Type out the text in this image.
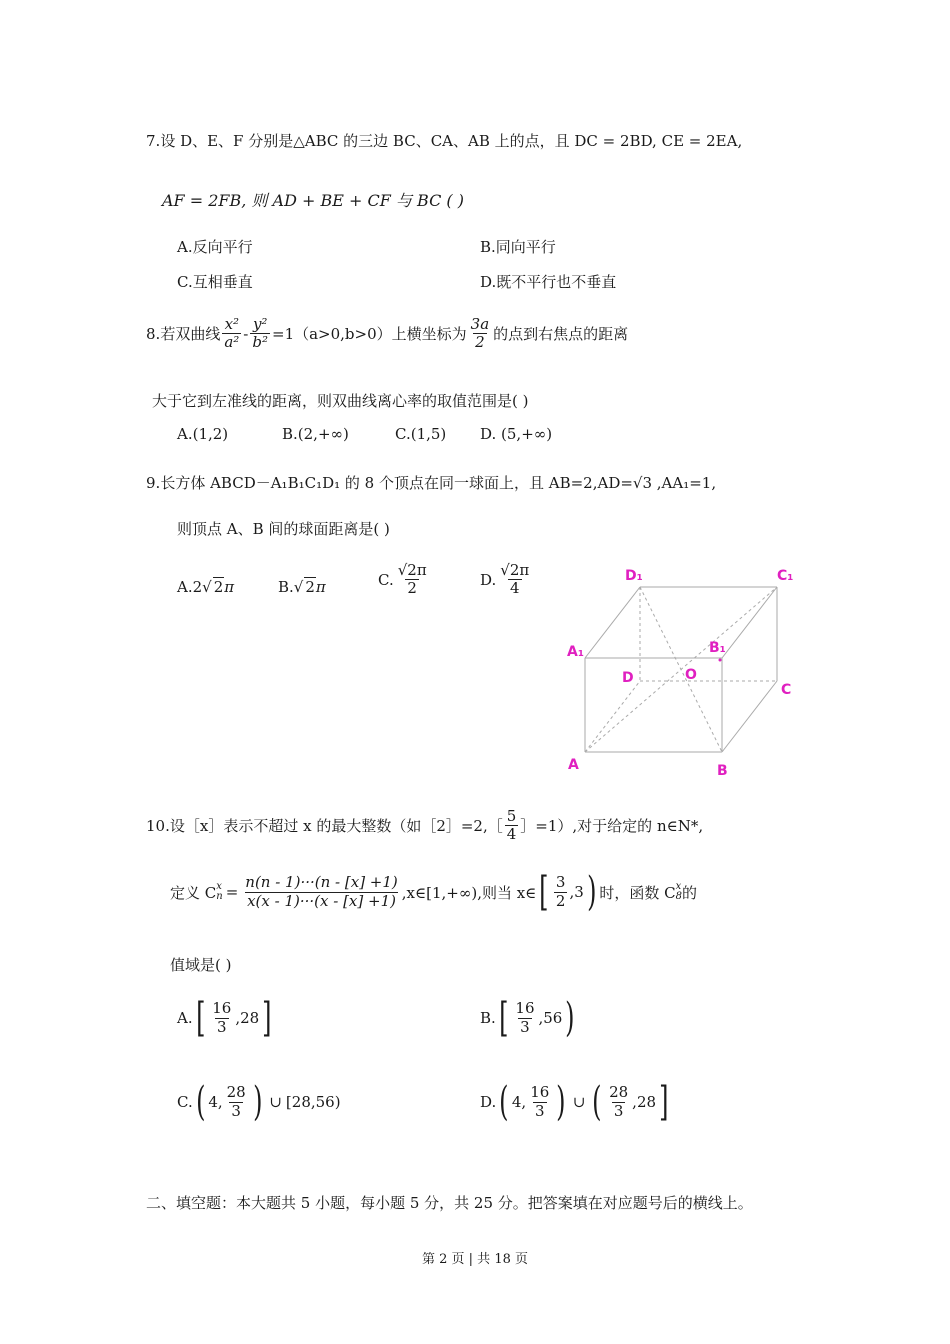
7.设 D、E、F 分别是△ABC 的三边 BC、CA、AB 上的点，且 DC = 2BD, CE = 2EA,
AF = 2FB, 则 AD + BE + CF 与 BC ( )
A.反向平行	B.同向平行
C.互相垂直	D.既不平行也不垂直
8. 若双曲线 $\frac{\text{x²}}{\text{a²}} - \frac{\text{y²}}{\text{b²}} =1(a>0,b>0)$上横坐标为 $\frac{3a}{2}$ 的点到右焦点的距离
大于它到左准线的距离，则双曲线离心率的取值范围是( )
A.(1,2)	B.(2,+∞)	C.(1,5) D. (5,+∞)
9.长方体 ABCD－A₁B₁C₁D₁ 的 8 个顶点在同一球面上，且 AB=2,AD=√3 ,AA₁=1,
则顶点 A、B 间的球面距离是( )
A.2√ 2π	B.√ 2π	C. $\frac{√2\pi}{2}$	D. $\frac{√2\pi}{4}$	D₁	C₁
A₁	B₁
D	O
C
A	B
10. 设［x］表示不超过 x 的最大整数（如［2］=2,［ $\frac{5}{4}$ ］=1）,对于给定的 n∈N*,
定义 C x
$n = \frac{n(n - 1)\cdot\cdot\cdot(n - [x] +1)}{x(x - 1)\cdot\cdot\cdot(x - [x] +1)}$ ,x∈[1,+∞),则当 x∈ [ $\frac{3}{2} ,3$ ) 时，函数 C x
8 的
值域是( )
A. [ $\frac{16}{3} ,28$ ]	B. [ $\frac{16}{3} ,56$ )
C. ( 4, $\frac{28}{3}$ ) ∪ [28,56)	D. ( 4, $\frac{16}{3}$ ) ∪ ( $\frac{28}{3} ,28$ ]
二、填空题：本大题共 5 小题，每小题 5 分，共 25 分。把答案填在对应题号后的横线上。
第 2 页 | 共 18 页
